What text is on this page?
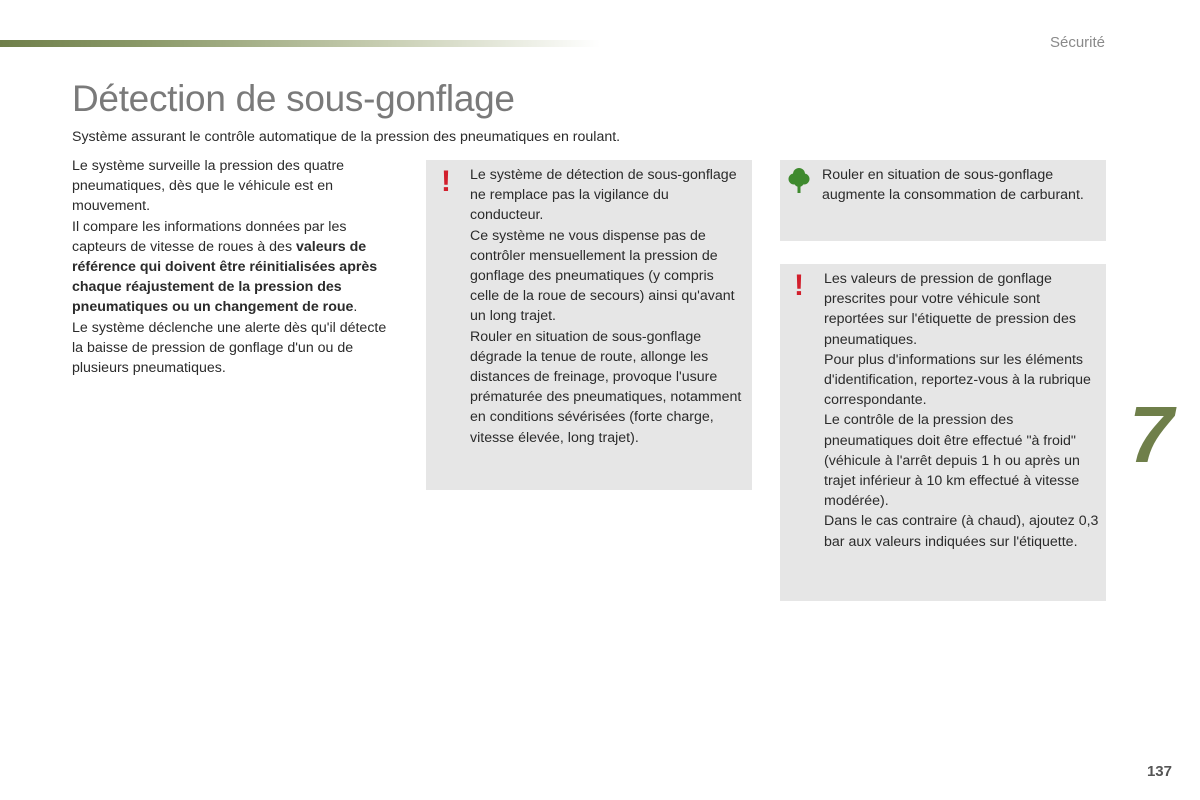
Sécurité
Détection de sous-gonflage
Système assurant le contrôle automatique de la pression des pneumatiques en roulant.

Le système surveille la pression des quatre pneumatiques, dès que le véhicule est en mouvement.

Il compare les informations données par les capteurs de vitesse de roues à des valeurs de référence qui doivent être réinitialisées après chaque réajustement de la pression des pneumatiques ou un changement de roue.

Le système déclenche une alerte dès qu'il détecte la baisse de pression de gonflage d'un ou de plusieurs pneumatiques.

! Le système de détection de sous-gonflage ne remplace pas la vigilance du conducteur.

Ce système ne vous dispense pas de contrôler mensuellement la pression de gonflage des pneumatiques (y compris celle de la roue de secours) ainsi qu'avant un long trajet.

Rouler en situation de sous-gonflage dégrade la tenue de route, allonge les distances de freinage, provoque l'usure prématurée des pneumatiques, notamment en conditions sévérisées (forte charge, vitesse élevée, long trajet).

Rouler en situation de sous-gonflage augmente la consommation de carburant.
! Les valeurs de pression de gonflage prescrites pour votre véhicule sont reportées sur l'étiquette de pression des pneumatiques.

Pour plus d'informations sur les éléments d'identification, reportez-vous à la rubrique correspondante.

Le contrôle de la pression des pneumatiques doit être effectué "à froid" (véhicule à l'arrêt depuis 1 h ou après un trajet inférieur à 10 km effectué à vitesse modérée).

Dans le cas contraire (à chaud), ajoutez 0,3 bar aux valeurs indiquées sur l'étiquette.

7
137
